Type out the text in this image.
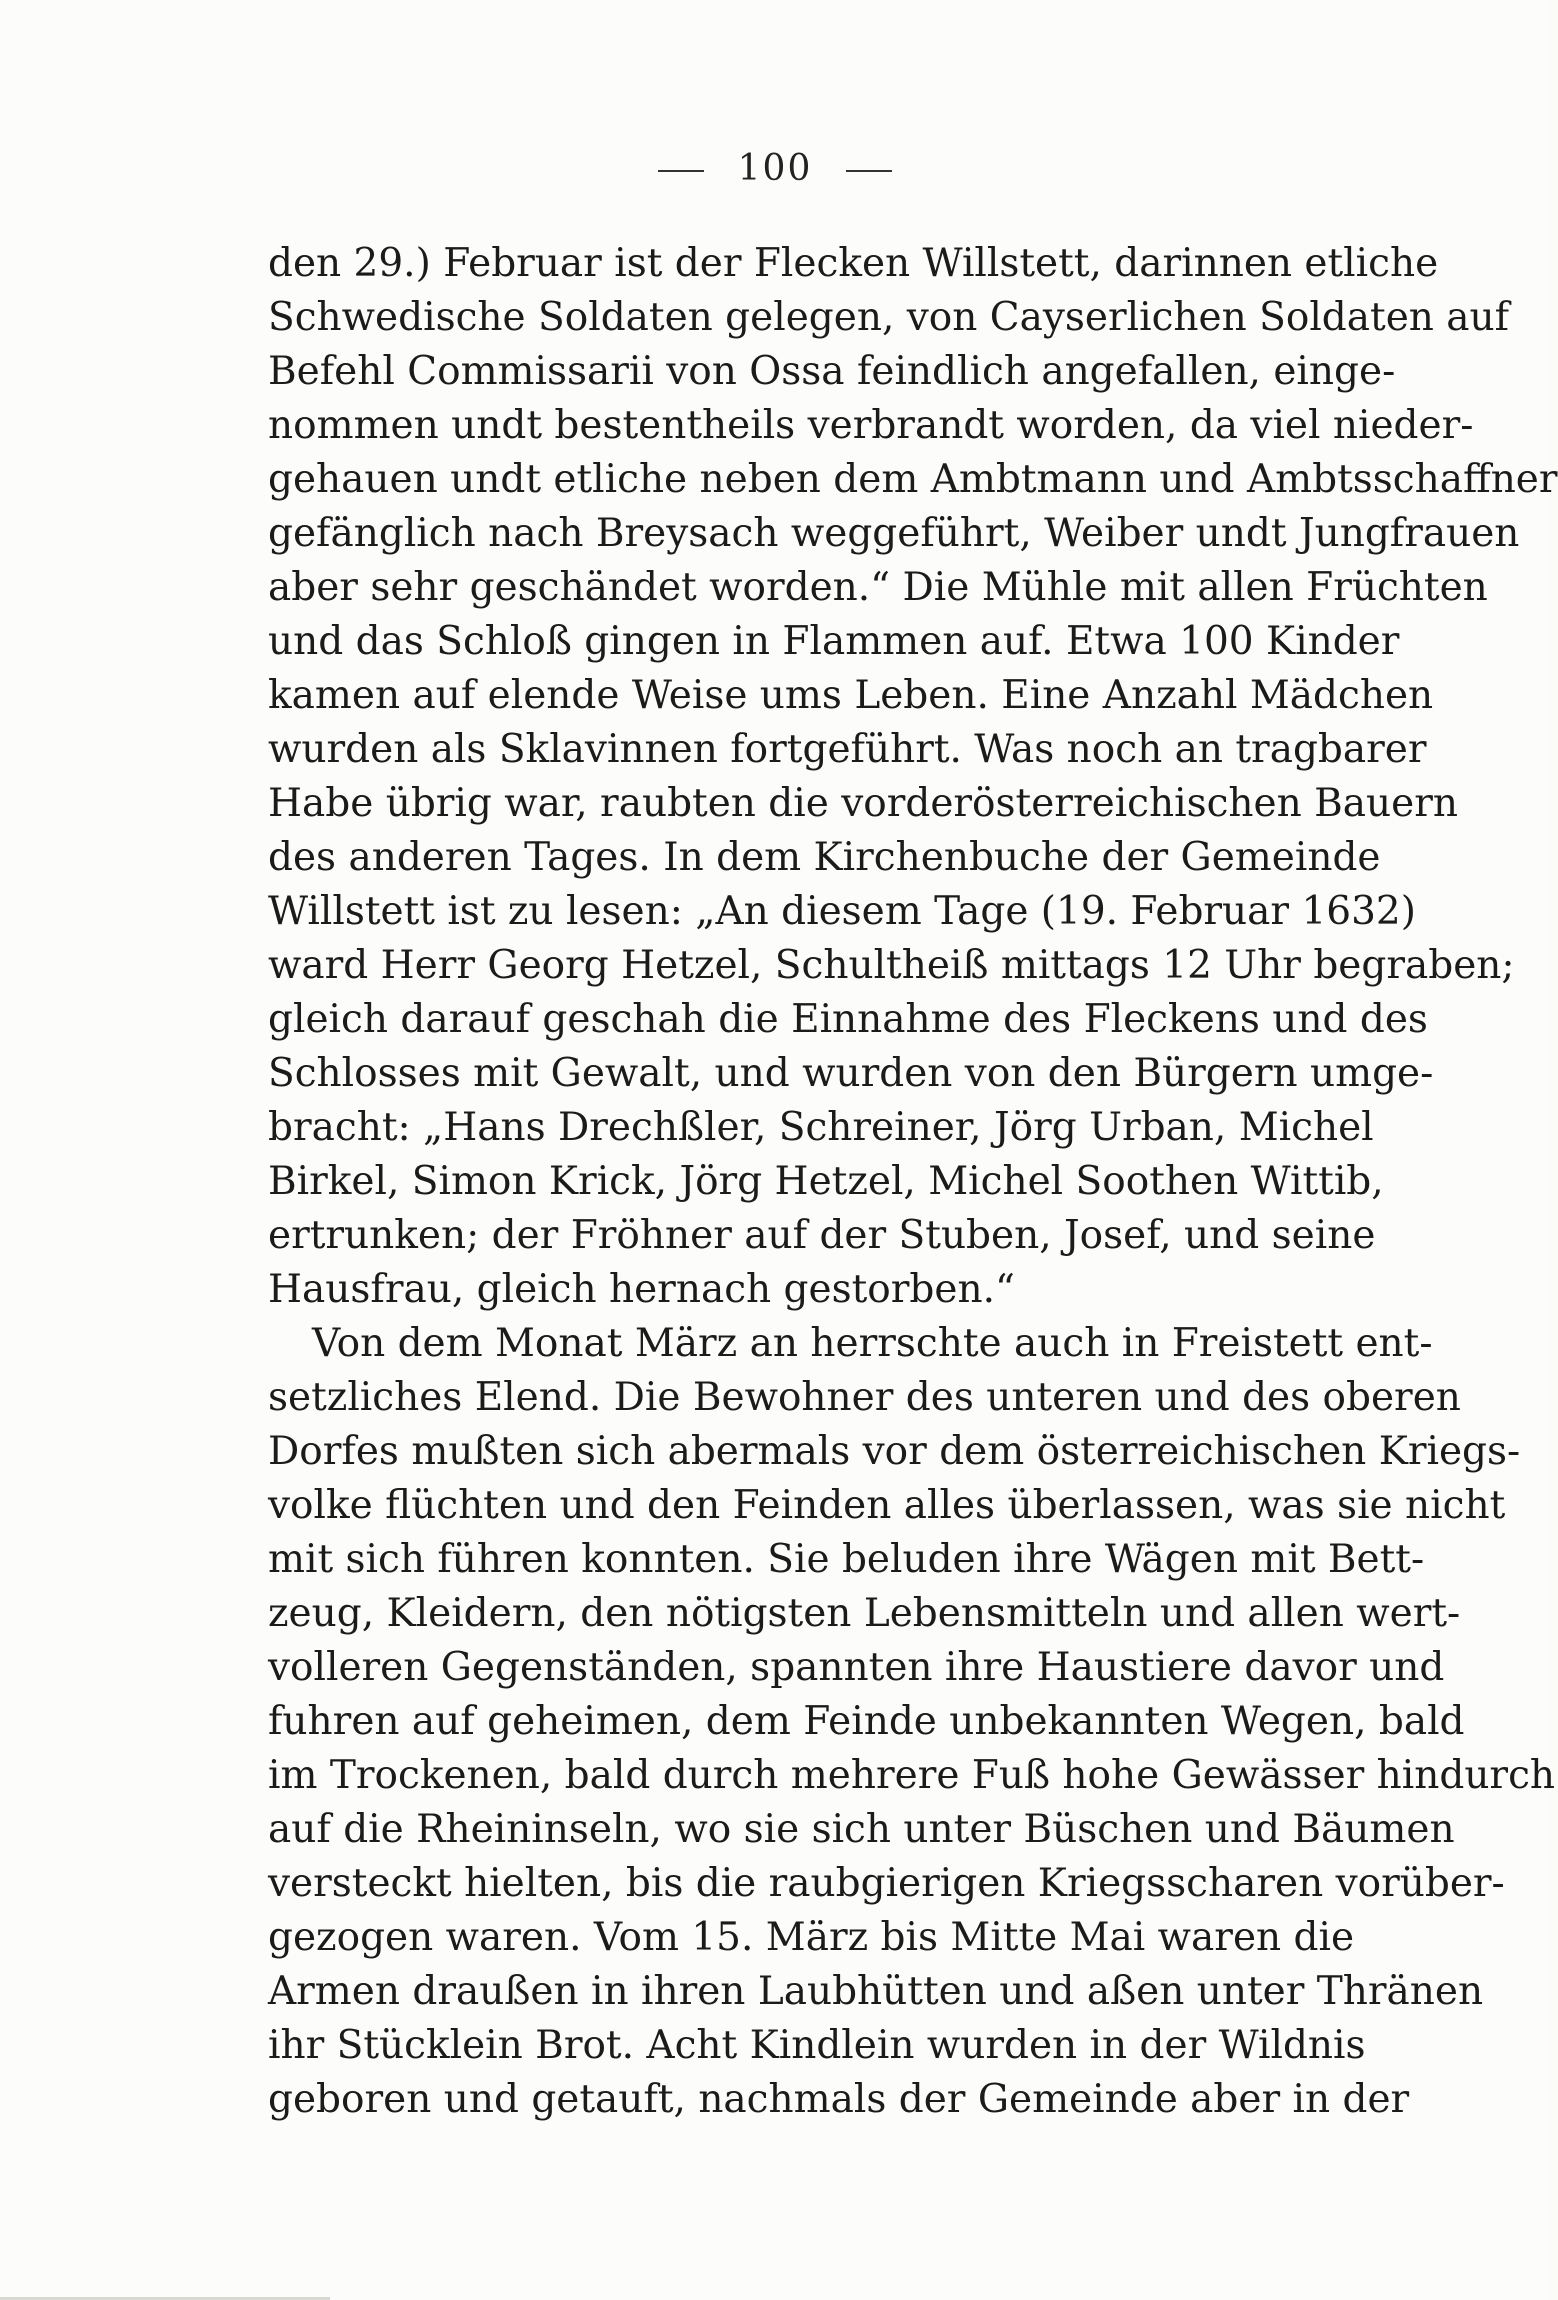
100
den 29.) Februar ist der Flecken Willstett, darinnen etliche
Schwedische Soldaten gelegen, von Cayserlichen Soldaten auf
Befehl Commissarii von Ossa feindlich angefallen, einge-
nommen undt bestentheils verbrandt worden, da viel nieder-
gehauen undt etliche neben dem Ambtmann und Ambtsschaffner
gefänglich nach Breysach weggeführt, Weiber undt Jungfrauen
aber sehr geschändet worden.“ Die Mühle mit allen Früchten
und das Schloß gingen in Flammen auf. Etwa 100 Kinder
kamen auf elende Weise ums Leben. Eine Anzahl Mädchen
wurden als Sklavinnen fortgeführt. Was noch an tragbarer
Habe übrig war, raubten die vorderösterreichischen Bauern
des anderen Tages. In dem Kirchenbuche der Gemeinde
Willstett ist zu lesen: „An diesem Tage (19. Februar 1632)
ward Herr Georg Hetzel, Schultheiß mittags 12 Uhr begraben;
gleich darauf geschah die Einnahme des Fleckens und des
Schlosses mit Gewalt, und wurden von den Bürgern umge-
bracht: „Hans Drechßler, Schreiner, Jörg Urban, Michel
Birkel, Simon Krick, Jörg Hetzel, Michel Soothen Wittib,
ertrunken; der Fröhner auf der Stuben, Josef, und seine
Hausfrau, gleich hernach gestorben.“
Von dem Monat März an herrschte auch in Freistett ent-
setzliches Elend. Die Bewohner des unteren und des oberen
Dorfes mußten sich abermals vor dem österreichischen Kriegs-
volke flüchten und den Feinden alles überlassen, was sie nicht
mit sich führen konnten. Sie beluden ihre Wägen mit Bett-
zeug, Kleidern, den nötigsten Lebensmitteln und allen wert-
volleren Gegenständen, spannten ihre Haustiere davor und
fuhren auf geheimen, dem Feinde unbekannten Wegen, bald
im Trockenen, bald durch mehrere Fuß hohe Gewässer hindurch
auf die Rheininseln, wo sie sich unter Büschen und Bäumen
versteckt hielten, bis die raubgierigen Kriegsscharen vorüber-
gezogen waren. Vom 15. März bis Mitte Mai waren die
Armen draußen in ihren Laubhütten und aßen unter Thränen
ihr Stücklein Brot. Acht Kindlein wurden in der Wildnis
geboren und getauft, nachmals der Gemeinde aber in der
